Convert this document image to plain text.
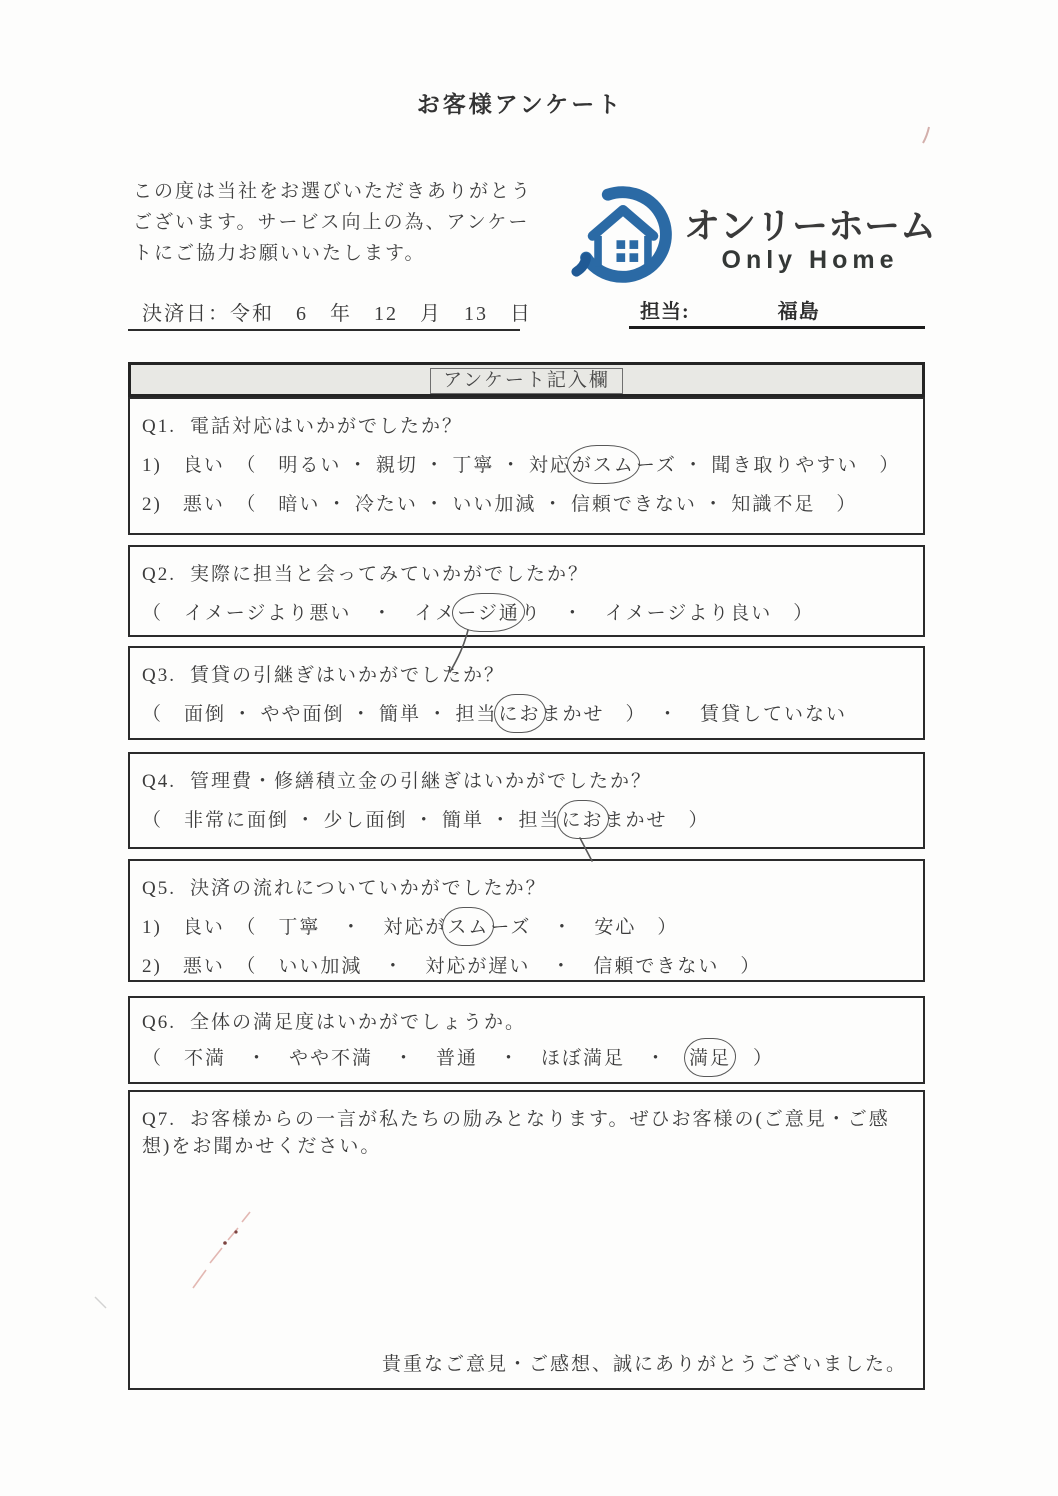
お客様アンケート
この度は当社をお選びいただきありがとうございます。サービス向上の為、アンケートにご協力お願いいたします。
オンリーホーム
Only Home
決済日：令和　6　年　12　月　13　日	担当:	福島
アンケート記入欄
Q1. 電話対応はいかがでしたか？
1)　良い　（　明るい ・ 親切 ・ 丁寧 ・ 対応がスムーズ ・ 聞き取りやすい　）
2)　悪い　（　暗い ・ 冷たい ・ いい加減 ・ 信頼できない ・ 知識不足　）
Q2. 実際に担当と会ってみていかがでしたか？
（　イメージより悪い　・　イメージ通り　・　イメージより良い　）
Q3. 賃貸の引継ぎはいかがでしたか？
（　面倒 ・ やや面倒 ・ 簡単 ・ 担当におまかせ　）　・　賃貸していない
Q4. 管理費・修繕積立金の引継ぎはいかがでしたか？
（　非常に面倒 ・ 少し面倒 ・ 簡単 ・ 担当におまかせ　）
Q5. 決済の流れについていかがでしたか？
1)　良い　（　丁寧　・　対応がスムーズ　・　安心　）
2)　悪い　（　いい加減　・　対応が遅い　・　信頼できない　）
Q6. 全体の満足度はいかがでしょうか。
（　不満　・　やや不満　・　普通　・　ほぼ満足　・　満足　）
Q7. お客様からの一言が私たちの励みとなります。ぜひお客様の(ご意見・ご感想)をお聞かせください。
貴重なご意見・ご感想、誠にありがとうございました。
